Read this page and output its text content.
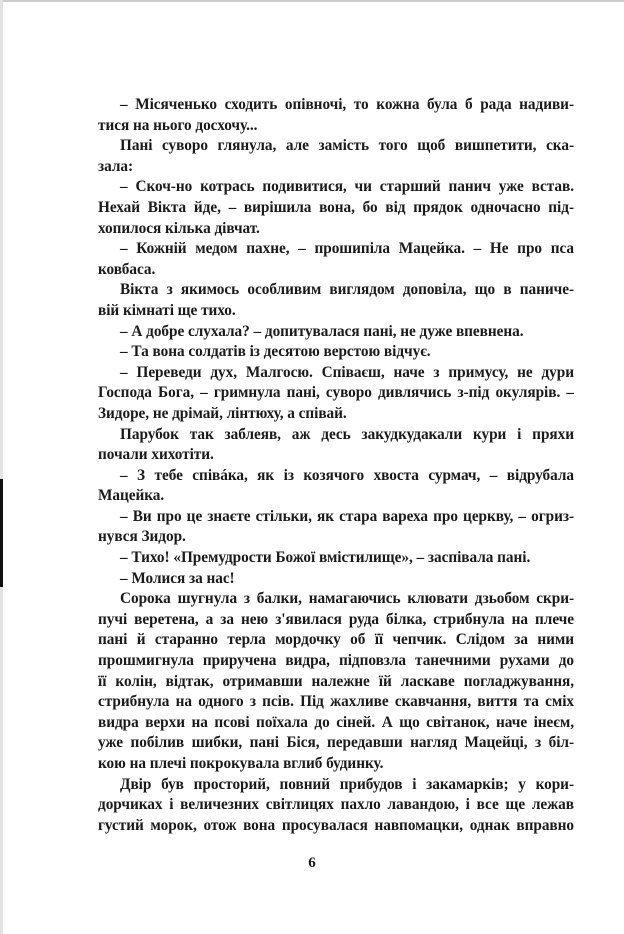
– Місяченько сходить опівночі, то кожна була б рада надиви-
тися на нього досхочу...
Пані суворо глянула, але замість того щоб вишпетити, ска-
зала:
– Скоч-но котрась подивитися, чи старший панич уже встав.
Нехай Вікта йде, – вирішила вона, бо від прядок одночасно під-
хопилося кілька дівчат.
– Кожній медом пахне, – прошипіла Мацейка. – Не про пса
ковбаса.
Вікта з якимось особливим виглядом доповіла, що в паниче-
вій кімнаті ще тихо.
– А добре слухала? – допитувалася пані, не дуже впевнена.
– Та вона солдатів із десятою верстою відчує.
– Переведи дух, Малгосю. Співаєш, наче з примусу, не дури
Господа Бога, – гримнула пані, суворо дивлячись з-під окулярів. –
Зидоре, не дрімай, лінтюху, а співай.
Парубок так заблеяв, аж десь закудкудакали кури і пряхи
почали хихотіти.
– З тебе співáка, як із козячого хвоста сурмач, – відрубала
Мацейка.
– Ви про це знаєте стільки, як стара вареха про церкву, – огриз-
нувся Зидор.
– Тихо! «Премудрости Божої вмістилище», – заспівала пані.
– Молися за нас!
Сорока шугнула з балки, намагаючись клювати дзьобом скри-
пучі веретена, а за нею з'явилася руда білка, стрибнула на плече
пані й старанно терла мордочку об її чепчик. Слідом за ними
прошмигнула приручена видра, підповзла танечними рухами до
її колін, відтак, отримавши належне їй ласкаве погладжування,
стрибнула на одного з псів. Під жахливе скавчання, виття та сміх
видра верхи на псові поїхала до сіней. А що світанок, наче інеєм,
уже побілив шибки, пані Біся, передавши нагляд Мацейці, з біл-
кою на плечі покрокувала вглиб будинку.
Двір був просторий, повний прибудов і закамарків; у кори-
дорчиках і величезних світлицях пахло лавандою, і все ще лежав
густий морок, отож вона просувалася навпомацки, однак вправно
6
